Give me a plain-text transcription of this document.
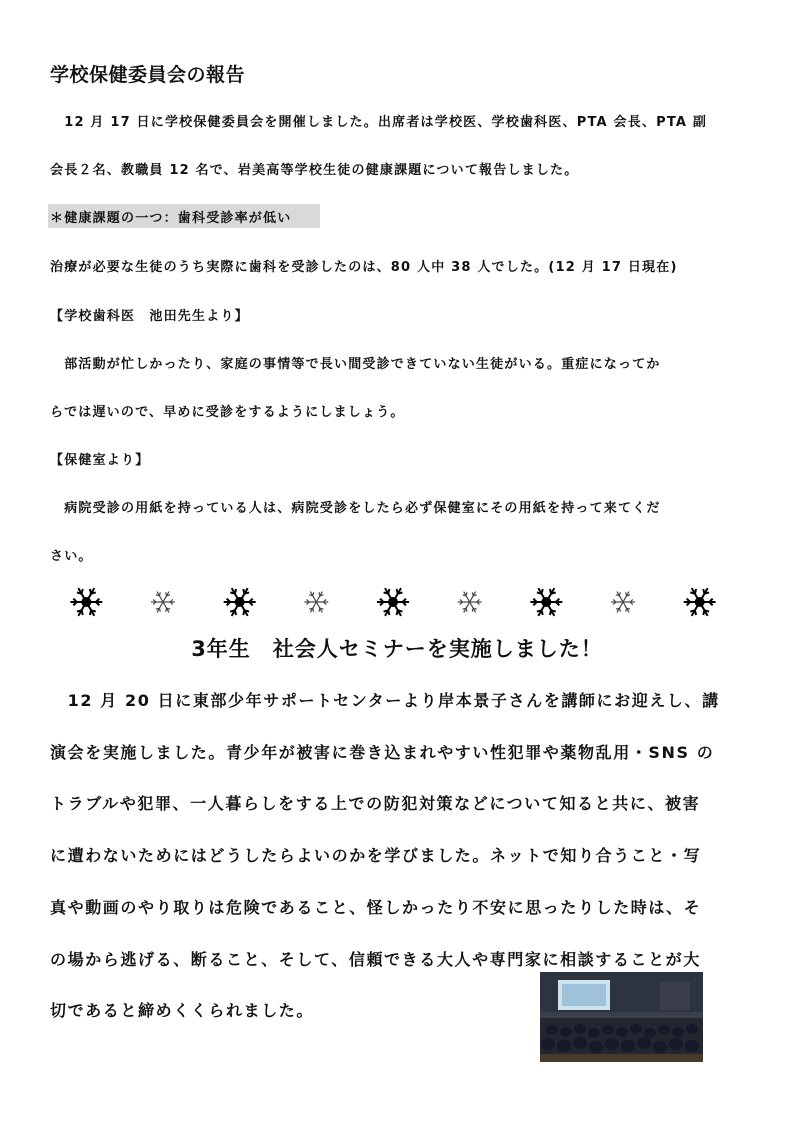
学校保健委員会の報告
　12 月 17 日に学校保健委員会を開催しました。出席者は学校医、学校歯科医、PTA 会長、PTA 副
会長２名、教職員 12 名で、岩美高等学校生徒の健康課題について報告しました。
＊健康課題の一つ：歯科受診率が低い
治療が必要な生徒のうち実際に歯科を受診したのは、80 人中 38 人でした。(12 月 17 日現在)
【学校歯科医　池田先生より】
　部活動が忙しかったり、家庭の事情等で長い間受診できていない生徒がいる。重症になってか
らでは遅いので、早めに受診をするようにしましょう。
【保健室より】
　病院受診の用紙を持っている人は、病院受診をしたら必ず保健室にその用紙を持って来てくだ
さい。
3年生　社会人セミナーを実施しました！
　12 月 20 日に東部少年サポートセンターより岸本景子さんを講師にお迎えし、講
演会を実施しました。青少年が被害に巻き込まれやすい性犯罪や薬物乱用・SNS の
トラブルや犯罪、一人暮らしをする上での防犯対策などについて知ると共に、被害
に遭わないためにはどうしたらよいのかを学びました。ネットで知り合うこと・写
真や動画のやり取りは危険であること、怪しかったり不安に思ったりした時は、そ
の場から逃げる、断ること、そして、信頼できる大人や専門家に相談することが大
切であると締めくくられました。
